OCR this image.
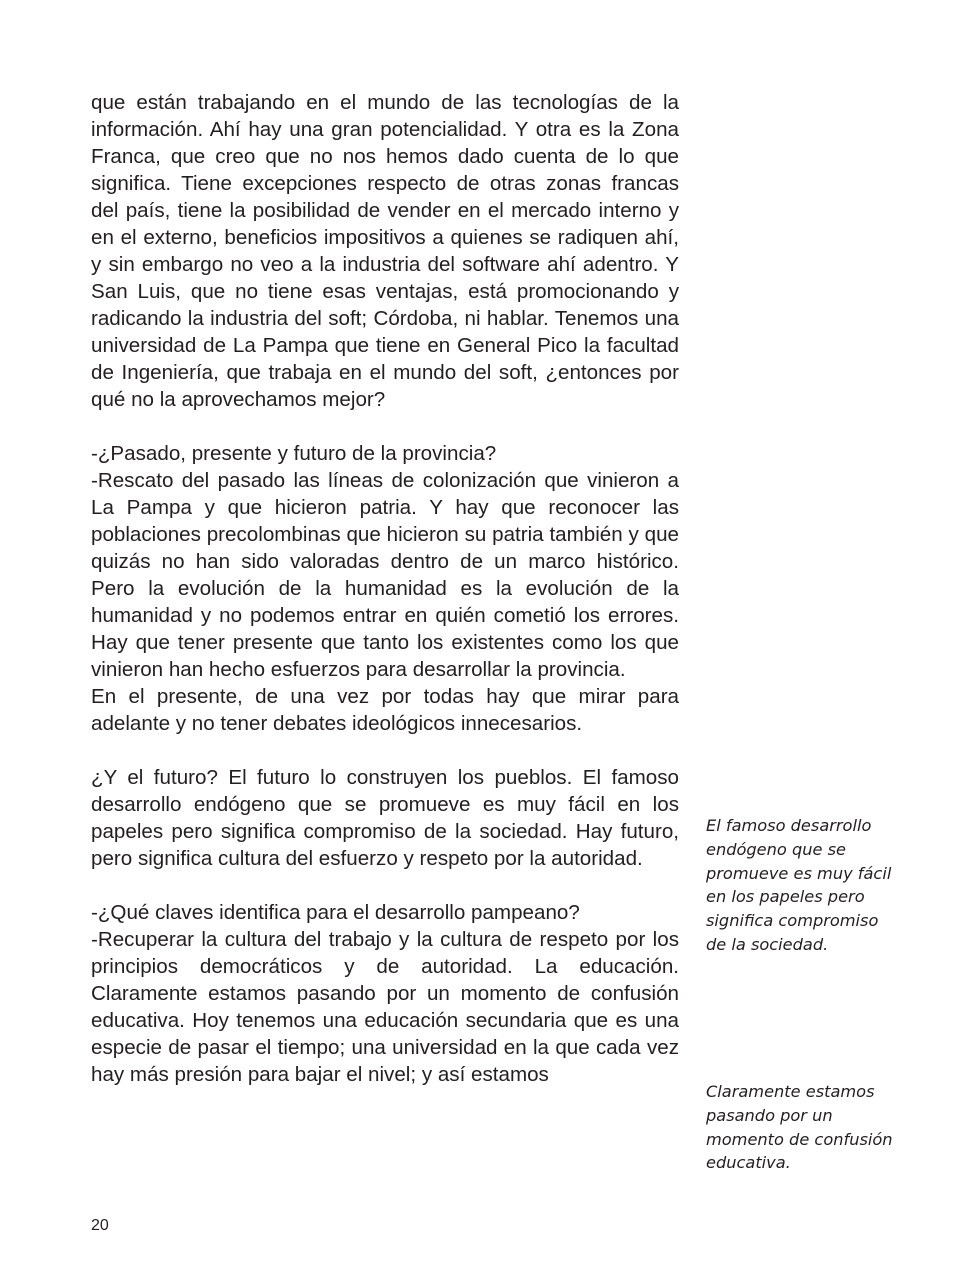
que están trabajando en el mundo de las tecnologías de la información. Ahí hay una gran potencialidad. Y otra es la Zona Franca, que creo que no nos hemos dado cuenta de lo que significa. Tiene excepciones respecto de otras zonas francas del país, tiene la posibilidad de vender en el mercado interno y en el externo, beneficios impositivos a quienes se radiquen ahí, y sin embargo no veo a la industria del software ahí adentro. Y San Luis, que no tiene esas ventajas, está promocionando y radicando la industria del soft; Córdoba, ni hablar. Tenemos una universidad de La Pampa que tiene en General Pico la facultad de Ingeniería, que trabaja en el mundo del soft, ¿entonces por qué no la aprovechamos mejor?

-¿Pasado, presente y futuro de la provincia?

-Rescato del pasado las líneas de colonización que vinieron a La Pampa y que hicieron patria. Y hay que reconocer las poblaciones precolombinas que hicieron su patria también y que quizás no han sido valoradas dentro de un marco histórico. Pero la evolución de la humanidad es la evolución de la humanidad y no podemos entrar en quién cometió los errores. Hay que tener presente que tanto los existentes como los que vinieron han hecho esfuerzos para desarrollar la provincia.

En el presente, de una vez por todas hay que mirar para adelante y no tener debates ideológicos innecesarios.

¿Y el futuro? El futuro lo construyen los pueblos. El famoso desarrollo endógeno que se promueve es muy fácil en los papeles pero significa compromiso de la sociedad. Hay futuro, pero significa cultura del esfuerzo y respeto por la autoridad.

-¿Qué claves identifica para el desarrollo pampeano?

-Recuperar la cultura del trabajo y la cultura de respeto por los principios democráticos y de autoridad. La educación. Claramente estamos pasando por un momento de confusión educativa. Hoy tenemos una educación secundaria que es una especie de pasar el tiempo; una universidad en la que cada vez hay más presión para bajar el nivel; y así estamos

El famoso desarrollo endógeno que se promueve es muy fácil en los papeles pero significa compromiso de la sociedad.

Claramente estamos pasando por un momento de confusión educativa.

20
